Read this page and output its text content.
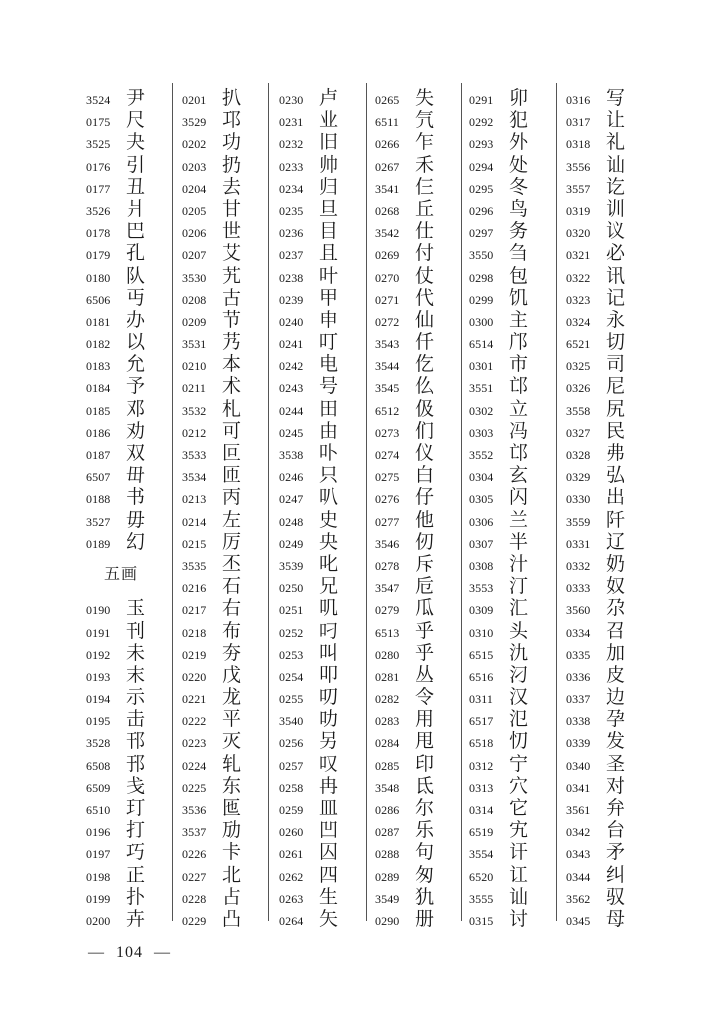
3524 尹
0175 尺
3525 夬
0176 引
0177 丑
3526 爿
0178 巴
0179 孔
0180 队
6506 丏
0181 办
0182 以
0183 允
0184 予
0185 邓
0186 劝
0187 双
6507 毌
0188 书
3527 毋
0189 幻
五画
0190 玉
0191 刊
0192 未
0193 末
0194 示
0195 击
3528 邗
6508 邘
6509 戋
6510 玎
0196 打
0197 巧
0198 正
0199 扑
0200 卉
0201 扒
3529 邛
0202 功
0203 扔
0204 去
0205 甘
0206 世
0207 艾
3530 艽
0208 古
0209 节
3531 艿
0210 本
0211 术
3532 札
0212 可
3533 叵
3534 匝
0213 丙
0214 左
0215 厉
3535 丕
0216 石
0217 右
0218 布
0219 夯
0220 戊
0221 龙
0222 平
0223 灭
0224 轧
0225 东
3536 匜
3537 劢
0226 卡
0227 北
0228 占
0229 凸
0230 卢
0231 业
0232 旧
0233 帅
0234 归
0235 旦
0236 目
0237 且
0238 叶
0239 甲
0240 申
0241 叮
0242 电
0243 号
0244 田
0245 由
3538 卟
0246 只
0247 叭
0248 史
0249 央
3539 叱
0250 兄
0251 叽
0252 叼
0253 叫
0254 叩
0255 叨
3540 叻
0256 另
0257 叹
0258 冉
0259 皿
0260 凹
0261 囚
0262 四
0263 生
0264 矢
0265 失
6511 氕
0266 乍
0267 禾
3541 仨
0268 丘
3542 仕
0269 付
0270 仗
0271 代
0272 仙
3543 仟
3544 仡
3545 仫
6512 伋
0273 们
0274 仪
0275 白
0276 仔
0277 他
3546 仞
0278 斥
3547 卮
0279 瓜
6513 乎
0280 乎
0281 丛
0282 令
0283 用
0284 甩
0285 印
3548 氐
0286 尔
0287 乐
0288 句
0289 匆
3549 犰
0290 册
0291 卯
0292 犯
0293 外
0294 处
0295 冬
0296 鸟
0297 务
3550 刍
0298 包
0299 饥
0300 主
6514 邝
0301 市
3551 邙
0302 立
0303 冯
3552 邙
0304 玄
0305 闪
0306 兰
0307 半
0308 汁
3553 汀
0309 汇
0310 头
6515 氿
6516 汈
0311 汉
6517 氾
6518 忉
0312 宁
0313 穴
0314 它
6519 宄
3554 讦
6520 讧
3555 讪
0315 讨
0316 写
0317 让
0318 礼
3556 讪
3557 讫
0319 训
0320 议
0321 必
0322 讯
0323 记
0324 永
6521 切
0325 司
0326 尼
3558 尻
0327 民
0328 弗
0329 弘
0330 出
3559 阡
0331 辽
0332 奶
0333 奴
3560 尕
0334 召
0335 加
0336 皮
0337 边
0338 孕
0339 发
0340 圣
0341 对
3561 弁
0342 台
0343 矛
0344 纠
3562 驭
0345 母
— 104 —
